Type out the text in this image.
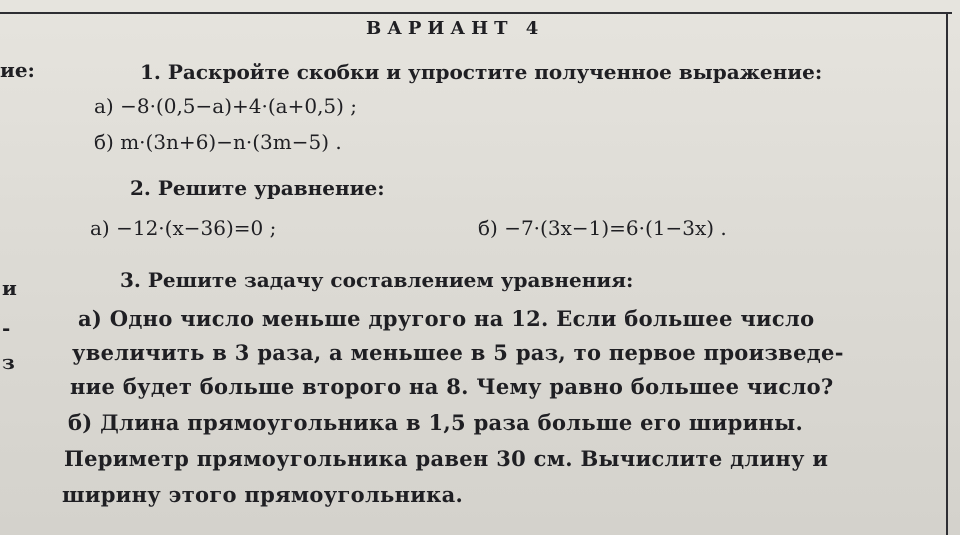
ВАРИАНТ 4
ие:
и
-
з
1. Раскройте скобки и упростите полученное выражение:
а) −8·(0,5−a)+4·(a+0,5) ;
б) m·(3n+6)−n·(3m−5) .
2. Решите уравнение:
а) −12·(x−36)=0 ;	б) −7·(3x−1)=6·(1−3x) .
3. Решите задачу составлением уравнения:
а) Одно число меньше другого на 12. Если большее число
увеличить в 3 раза, а меньшее в 5 раз, то первое произведе-
ние будет больше второго на 8. Чему равно большее число?
б) Длина прямоугольника в 1,5 раза больше его ширины.
Периметр прямоугольника равен 30 см. Вычислите длину и
ширину этого прямоугольника.
